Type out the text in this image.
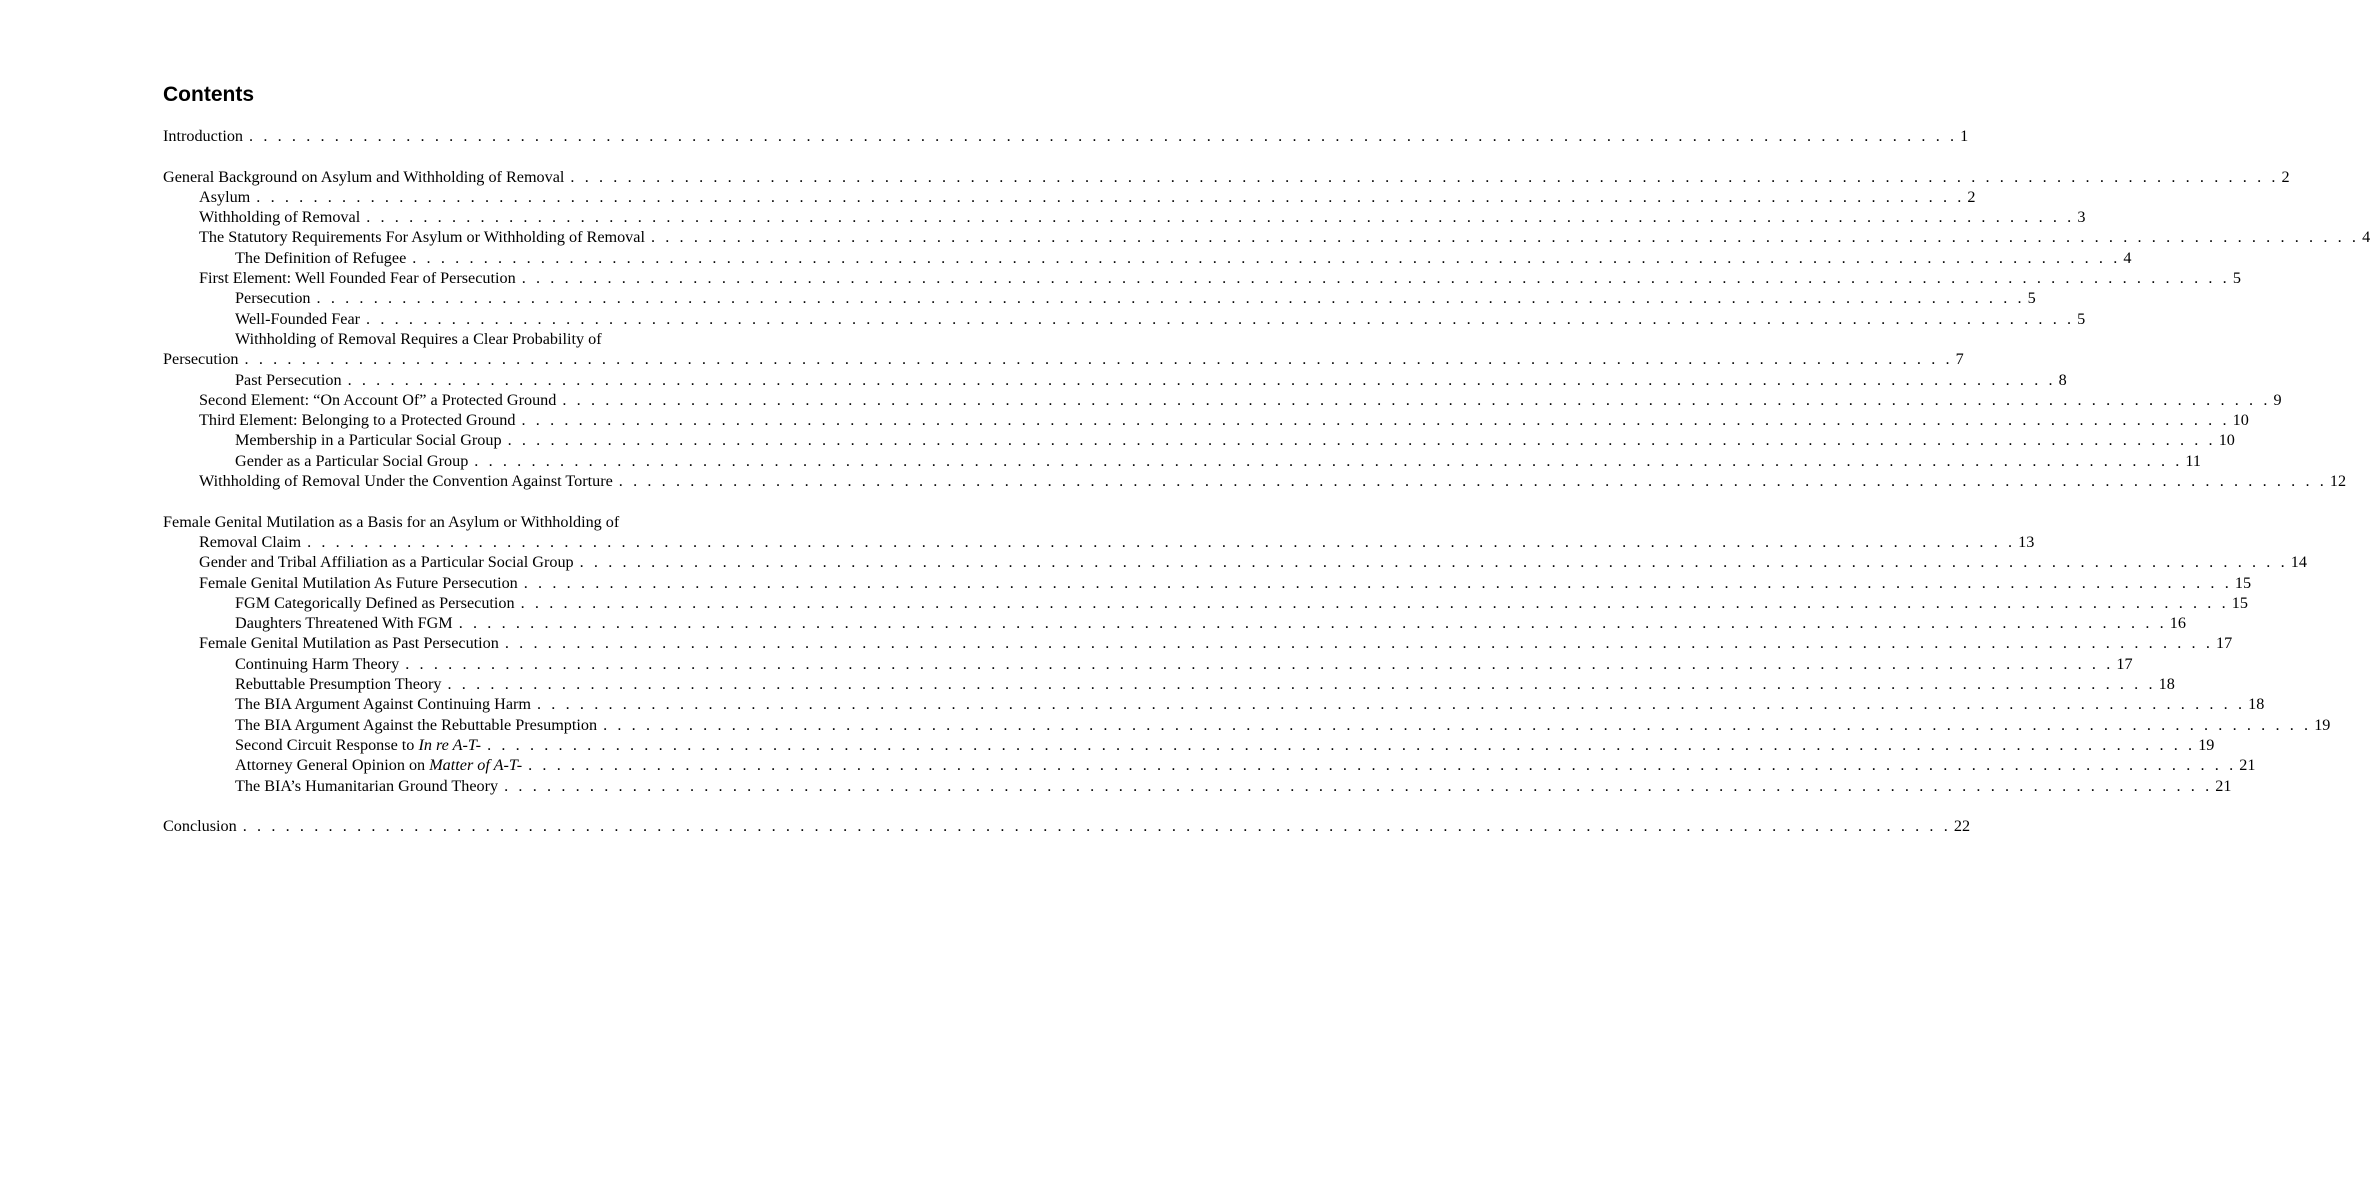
Contents
Introduction . . . . . . . . . . . . . . . . . . . . . . . . . . . . . . . . . . . . . . . . . . . . . . . . . . . . . . . . . . . . . . . . . . . . . . . . . . . . . . . . . . . . . . . . . . . . . . . . . . . . . . . . . . . . . . . . . . . . . . . . 1
General Background on Asylum and Withholding of Removal . . . . . . . . . . . . . . . . . . . . . . . . . . . . . . . . . . . . . . . . . . . . . . . . . . . . . . . . . . . . . . . . . . . . . . . . . . . . . . . . . . . . . . . . . . . . . . . . . . . . . . . . . . . . . . . . . . . . . . . . 2
Asylum . . . . . . . . . . . . . . . . . . . . . . . . . . . . . . . . . . . . . . . . . . . . . . . . . . . . . . . . . . . . . . . . . . . . . . . . . . . . . . . . . . . . . . . . . . . . . . . . . . . . . . . . . . . . . . . . . . . . . . . . 2
Withholding of Removal . . . . . . . . . . . . . . . . . . . . . . . . . . . . . . . . . . . . . . . . . . . . . . . . . . . . . . . . . . . . . . . . . . . . . . . . . . . . . . . . . . . . . . . . . . . . . . . . . . . . . . . . . . . . . . . . . . . . . . . . 3
The Statutory Requirements For Asylum or Withholding of Removal . . . . . . . . . . . . . . . . . . . . . . . . . . . . . . . . . . . . . . . . . . . . . . . . . . . . . . . . . . . . . . . . . . . . . . . . . . . . . . . . . . . . . . . . . . . . . . . . . . . . . . . . . . . . . . . . . . . . . . . . 4
The Definition of Refugee . . . . . . . . . . . . . . . . . . . . . . . . . . . . . . . . . . . . . . . . . . . . . . . . . . . . . . . . . . . . . . . . . . . . . . . . . . . . . . . . . . . . . . . . . . . . . . . . . . . . . . . . . . . . . . . . . . . . . . . . 4
First Element: Well Founded Fear of Persecution . . . . . . . . . . . . . . . . . . . . . . . . . . . . . . . . . . . . . . . . . . . . . . . . . . . . . . . . . . . . . . . . . . . . . . . . . . . . . . . . . . . . . . . . . . . . . . . . . . . . . . . . . . . . . . . . . . . . . . . . 5
Persecution . . . . . . . . . . . . . . . . . . . . . . . . . . . . . . . . . . . . . . . . . . . . . . . . . . . . . . . . . . . . . . . . . . . . . . . . . . . . . . . . . . . . . . . . . . . . . . . . . . . . . . . . . . . . . . . . . . . . . . . . 5
Well-Founded Fear . . . . . . . . . . . . . . . . . . . . . . . . . . . . . . . . . . . . . . . . . . . . . . . . . . . . . . . . . . . . . . . . . . . . . . . . . . . . . . . . . . . . . . . . . . . . . . . . . . . . . . . . . . . . . . . . . . . . . . . . 5
Withholding of Removal Requires a Clear Probability of
Persecution . . . . . . . . . . . . . . . . . . . . . . . . . . . . . . . . . . . . . . . . . . . . . . . . . . . . . . . . . . . . . . . . . . . . . . . . . . . . . . . . . . . . . . . . . . . . . . . . . . . . . . . . . . . . . . . . . . . . . . . . 7
Past Persecution . . . . . . . . . . . . . . . . . . . . . . . . . . . . . . . . . . . . . . . . . . . . . . . . . . . . . . . . . . . . . . . . . . . . . . . . . . . . . . . . . . . . . . . . . . . . . . . . . . . . . . . . . . . . . . . . . . . . . . . . 8
Second Element: “On Account Of” a Protected Ground . . . . . . . . . . . . . . . . . . . . . . . . . . . . . . . . . . . . . . . . . . . . . . . . . . . . . . . . . . . . . . . . . . . . . . . . . . . . . . . . . . . . . . . . . . . . . . . . . . . . . . . . . . . . . . . . . . . . . . . . 9
Third Element: Belonging to a Protected Ground . . . . . . . . . . . . . . . . . . . . . . . . . . . . . . . . . . . . . . . . . . . . . . . . . . . . . . . . . . . . . . . . . . . . . . . . . . . . . . . . . . . . . . . . . . . . . . . . . . . . . . . . . . . . . . . . . . . . . . . . 10
Membership in a Particular Social Group . . . . . . . . . . . . . . . . . . . . . . . . . . . . . . . . . . . . . . . . . . . . . . . . . . . . . . . . . . . . . . . . . . . . . . . . . . . . . . . . . . . . . . . . . . . . . . . . . . . . . . . . . . . . . . . . . . . . . . . . 10
Gender as a Particular Social Group . . . . . . . . . . . . . . . . . . . . . . . . . . . . . . . . . . . . . . . . . . . . . . . . . . . . . . . . . . . . . . . . . . . . . . . . . . . . . . . . . . . . . . . . . . . . . . . . . . . . . . . . . . . . . . . . . . . . . . . . 11
Withholding of Removal Under the Convention Against Torture . . . . . . . . . . . . . . . . . . . . . . . . . . . . . . . . . . . . . . . . . . . . . . . . . . . . . . . . . . . . . . . . . . . . . . . . . . . . . . . . . . . . . . . . . . . . . . . . . . . . . . . . . . . . . . . . . . . . . . . . 12
Female Genital Mutilation as a Basis for an Asylum or Withholding of
Removal Claim . . . . . . . . . . . . . . . . . . . . . . . . . . . . . . . . . . . . . . . . . . . . . . . . . . . . . . . . . . . . . . . . . . . . . . . . . . . . . . . . . . . . . . . . . . . . . . . . . . . . . . . . . . . . . . . . . . . . . . . . 13
Gender and Tribal Affiliation as a Particular Social Group . . . . . . . . . . . . . . . . . . . . . . . . . . . . . . . . . . . . . . . . . . . . . . . . . . . . . . . . . . . . . . . . . . . . . . . . . . . . . . . . . . . . . . . . . . . . . . . . . . . . . . . . . . . . . . . . . . . . . . . . 14
Female Genital Mutilation As Future Persecution . . . . . . . . . . . . . . . . . . . . . . . . . . . . . . . . . . . . . . . . . . . . . . . . . . . . . . . . . . . . . . . . . . . . . . . . . . . . . . . . . . . . . . . . . . . . . . . . . . . . . . . . . . . . . . . . . . . . . . . . 15
FGM Categorically Defined as Persecution . . . . . . . . . . . . . . . . . . . . . . . . . . . . . . . . . . . . . . . . . . . . . . . . . . . . . . . . . . . . . . . . . . . . . . . . . . . . . . . . . . . . . . . . . . . . . . . . . . . . . . . . . . . . . . . . . . . . . . . . 15
Daughters Threatened With FGM . . . . . . . . . . . . . . . . . . . . . . . . . . . . . . . . . . . . . . . . . . . . . . . . . . . . . . . . . . . . . . . . . . . . . . . . . . . . . . . . . . . . . . . . . . . . . . . . . . . . . . . . . . . . . . . . . . . . . . . . 16
Female Genital Mutilation as Past Persecution . . . . . . . . . . . . . . . . . . . . . . . . . . . . . . . . . . . . . . . . . . . . . . . . . . . . . . . . . . . . . . . . . . . . . . . . . . . . . . . . . . . . . . . . . . . . . . . . . . . . . . . . . . . . . . . . . . . . . . . . 17
Continuing Harm Theory . . . . . . . . . . . . . . . . . . . . . . . . . . . . . . . . . . . . . . . . . . . . . . . . . . . . . . . . . . . . . . . . . . . . . . . . . . . . . . . . . . . . . . . . . . . . . . . . . . . . . . . . . . . . . . . . . . . . . . . . 17
Rebuttable Presumption Theory . . . . . . . . . . . . . . . . . . . . . . . . . . . . . . . . . . . . . . . . . . . . . . . . . . . . . . . . . . . . . . . . . . . . . . . . . . . . . . . . . . . . . . . . . . . . . . . . . . . . . . . . . . . . . . . . . . . . . . . . 18
The BIA Argument Against Continuing Harm . . . . . . . . . . . . . . . . . . . . . . . . . . . . . . . . . . . . . . . . . . . . . . . . . . . . . . . . . . . . . . . . . . . . . . . . . . . . . . . . . . . . . . . . . . . . . . . . . . . . . . . . . . . . . . . . . . . . . . . . 18
The BIA Argument Against the Rebuttable Presumption . . . . . . . . . . . . . . . . . . . . . . . . . . . . . . . . . . . . . . . . . . . . . . . . . . . . . . . . . . . . . . . . . . . . . . . . . . . . . . . . . . . . . . . . . . . . . . . . . . . . . . . . . . . . . . . . . . . . . . . . 19
Second Circuit Response to In re A-T- . . . . . . . . . . . . . . . . . . . . . . . . . . . . . . . . . . . . . . . . . . . . . . . . . . . . . . . . . . . . . . . . . . . . . . . . . . . . . . . . . . . . . . . . . . . . . . . . . . . . . . . . . . . . . . . . . . . . . . . . 19
Attorney General Opinion on Matter of A-T- . . . . . . . . . . . . . . . . . . . . . . . . . . . . . . . . . . . . . . . . . . . . . . . . . . . . . . . . . . . . . . . . . . . . . . . . . . . . . . . . . . . . . . . . . . . . . . . . . . . . . . . . . . . . . . . . . . . . . . . . 21
The BIA’s Humanitarian Ground Theory . . . . . . . . . . . . . . . . . . . . . . . . . . . . . . . . . . . . . . . . . . . . . . . . . . . . . . . . . . . . . . . . . . . . . . . . . . . . . . . . . . . . . . . . . . . . . . . . . . . . . . . . . . . . . . . . . . . . . . . . 21
Conclusion . . . . . . . . . . . . . . . . . . . . . . . . . . . . . . . . . . . . . . . . . . . . . . . . . . . . . . . . . . . . . . . . . . . . . . . . . . . . . . . . . . . . . . . . . . . . . . . . . . . . . . . . . . . . . . . . . . . . . . . . 22
